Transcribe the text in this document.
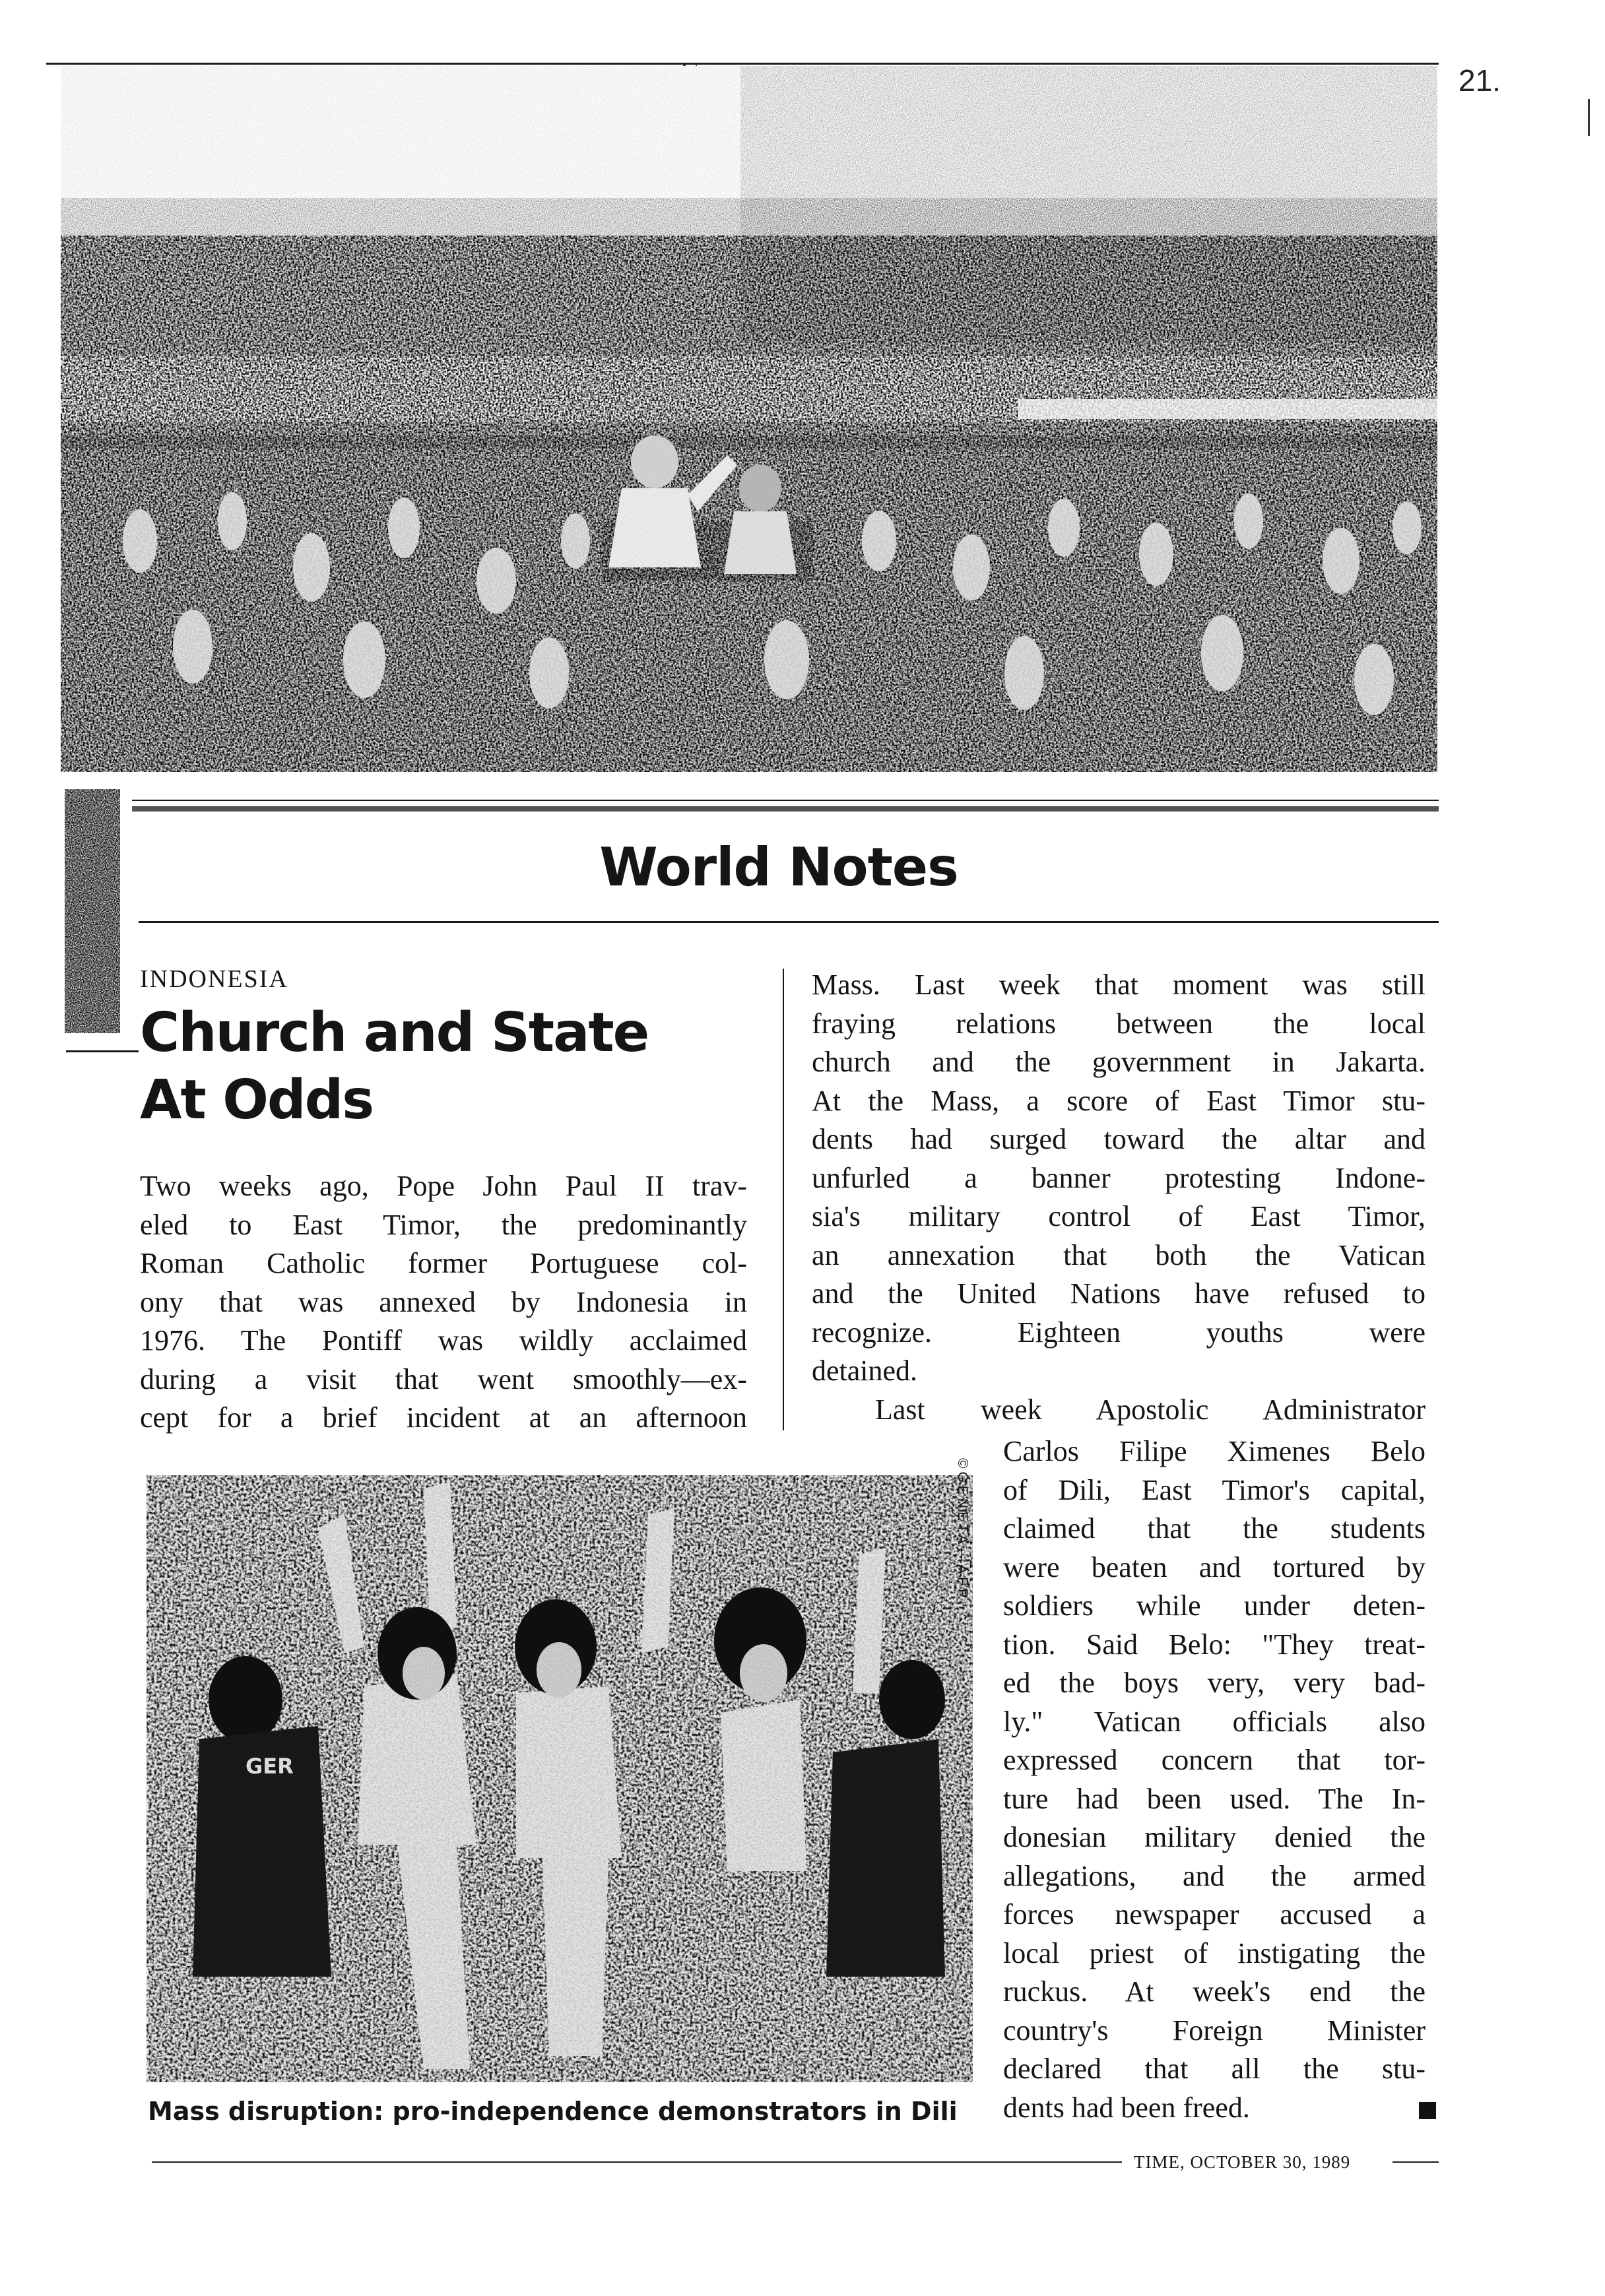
21.
World Notes
INDONESIA
Church and State
At Odds

Two weeks ago, Pope John Paul II trav-

eled to East Timor, the predominantly

Roman Catholic former Portuguese col-

ony that was annexed by Indonesia in

1976. The Pontiff was wildly acclaimed

during a visit that went smoothly—ex-

cept for a brief incident at an afternoon

Mass. Last week that moment was still

fraying relations between the local

church and the government in Jakarta.

At the Mass, a score of East Timor stu-

dents had surged toward the altar and

unfurled a banner protesting Indone-

sia's military control of East Timor,

an annexation that both the Vatican

and the United Nations have refused to

recognize. Eighteen youths were

detained.

Last week Apostolic Administrator

GER
©GENETA—AFP

Carlos Filipe Ximenes Belo

of Dili, East Timor's capital,

claimed that the students

were beaten and tortured by

soldiers while under deten-

tion. Said Belo: "They treat-

ed the boys very, very bad-

ly." Vatican officials also

expressed concern that tor-

ture had been used. The In-

donesian military denied the

allegations, and the armed

forces newspaper accused a

local priest of instigating the

ruckus. At week's end the

country's Foreign Minister

declared that all the stu-

dents had been freed.

Mass disruption: pro-independence demonstrators in Dili
TIME, OCTOBER 30, 1989
